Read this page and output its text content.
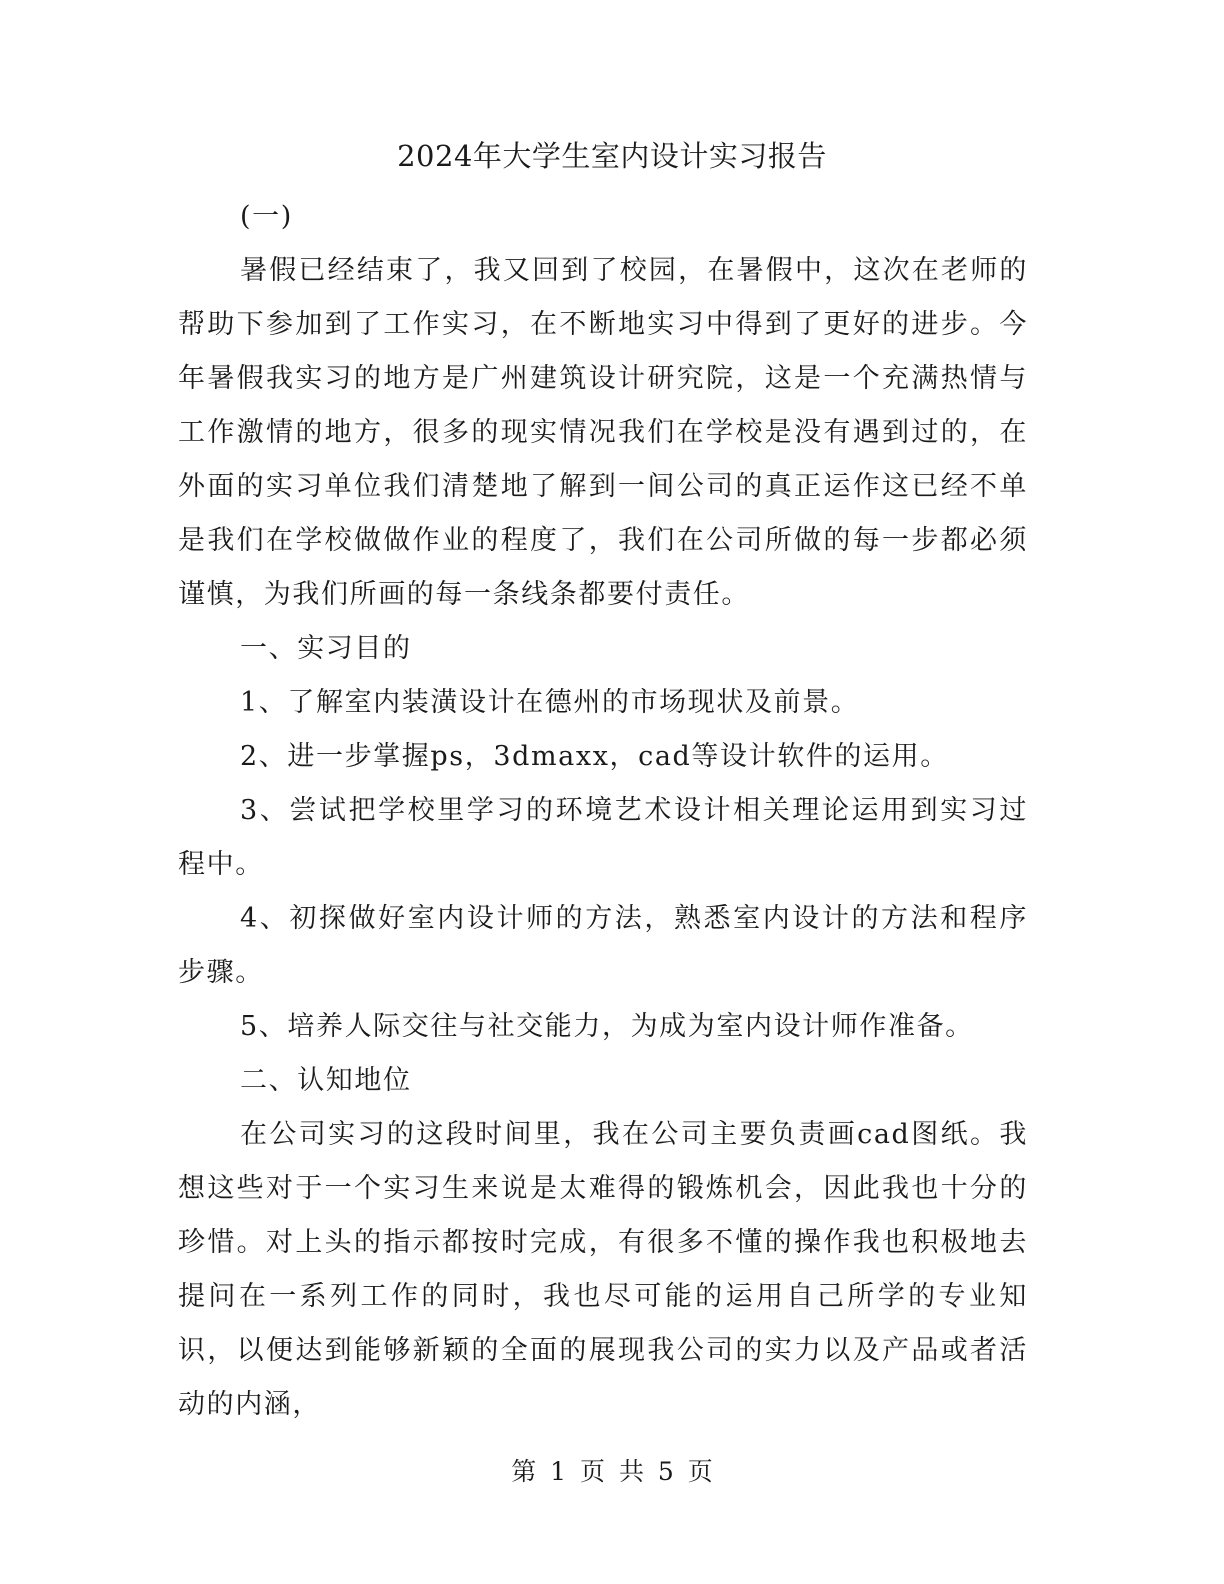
2024年大学生室内设计实习报告

(一)

暑假已经结束了，我又回到了校园，在暑假中，这次在老师的帮助下参加到了工作实习，在不断地实习中得到了更好的进步。今年暑假我实习的地方是广州建筑设计研究院，这是一个充满热情与工作激情的地方，很多的现实情况我们在学校是没有遇到过的，在外面的实习单位我们清楚地了解到一间公司的真正运作这已经不单是我们在学校做做作业的程度了，我们在公司所做的每一步都必须谨慎，为我们所画的每一条线条都要付责任。

一、实习目的

1、了解室内装潢设计在德州的市场现状及前景。

2、进一步掌握ps，3dmaxx，cad等设计软件的运用。

3、尝试把学校里学习的环境艺术设计相关理论运用到实习过程中。

4、初探做好室内设计师的方法，熟悉室内设计的方法和程序步骤。

5、培养人际交往与社交能力，为成为室内设计师作准备。

二、认知地位

在公司实习的这段时间里，我在公司主要负责画cad图纸。我想这些对于一个实习生来说是太难得的锻炼机会，因此我也十分的珍惜。对上头的指示都按时完成，有很多不懂的操作我也积极地去提问在一系列工作的同时，我也尽可能的运用自己所学的专业知识，以便达到能够新颖的全面的展现我公司的实力以及产品或者活动的内涵，

第 1 页 共 5 页
